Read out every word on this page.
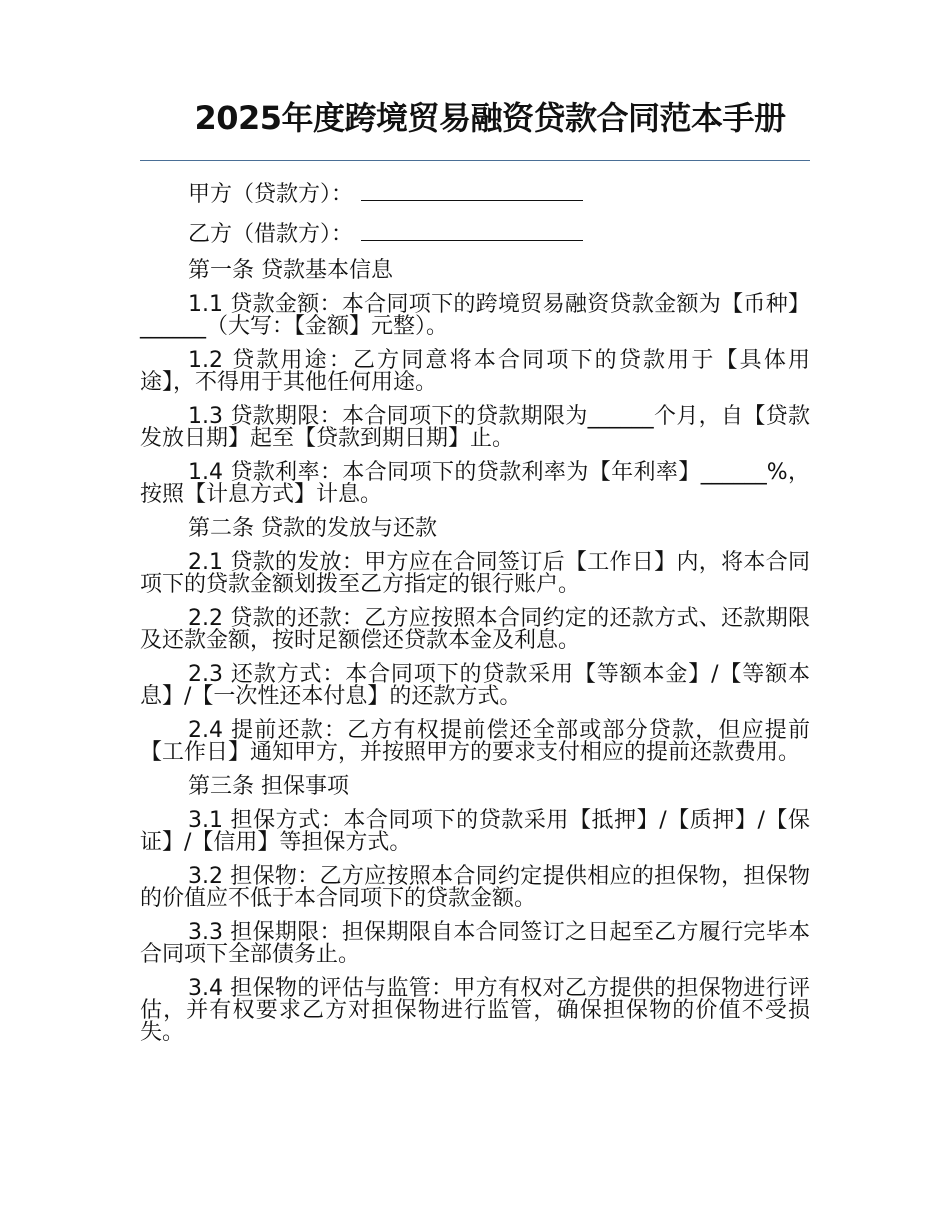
2025年度跨境贸易融资贷款合同范本手册
甲方（贷款方）：
乙方（借款方）：
第一条 贷款基本信息
1.1 贷款金额：本合同项下的跨境贸易融资贷款金额为【币种】______（大写：【金额】元整）。
1.2 贷款用途：乙方同意将本合同项下的贷款用于【具体用途】，不得用于其他任何用途。
1.3 贷款期限：本合同项下的贷款期限为______个月，自【贷款发放日期】起至【贷款到期日期】止。
1.4 贷款利率：本合同项下的贷款利率为【年利率】______%，按照【计息方式】计息。
第二条 贷款的发放与还款
2.1 贷款的发放：甲方应在合同签订后【工作日】内，将本合同项下的贷款金额划拨至乙方指定的银行账户。
2.2 贷款的还款：乙方应按照本合同约定的还款方式、还款期限及还款金额，按时足额偿还贷款本金及利息。
2.3 还款方式：本合同项下的贷款采用【等额本金】/【等额本息】/【一次性还本付息】的还款方式。
2.4 提前还款：乙方有权提前偿还全部或部分贷款，但应提前【工作日】通知甲方，并按照甲方的要求支付相应的提前还款费用。
第三条 担保事项
3.1 担保方式：本合同项下的贷款采用【抵押】/【质押】/【保证】/【信用】等担保方式。
3.2 担保物：乙方应按照本合同约定提供相应的担保物，担保物的价值应不低于本合同项下的贷款金额。
3.3 担保期限：担保期限自本合同签订之日起至乙方履行完毕本合同项下全部债务止。
3.4 担保物的评估与监管：甲方有权对乙方提供的担保物进行评估，并有权要求乙方对担保物进行监管，确保担保物的价值不受损失。
